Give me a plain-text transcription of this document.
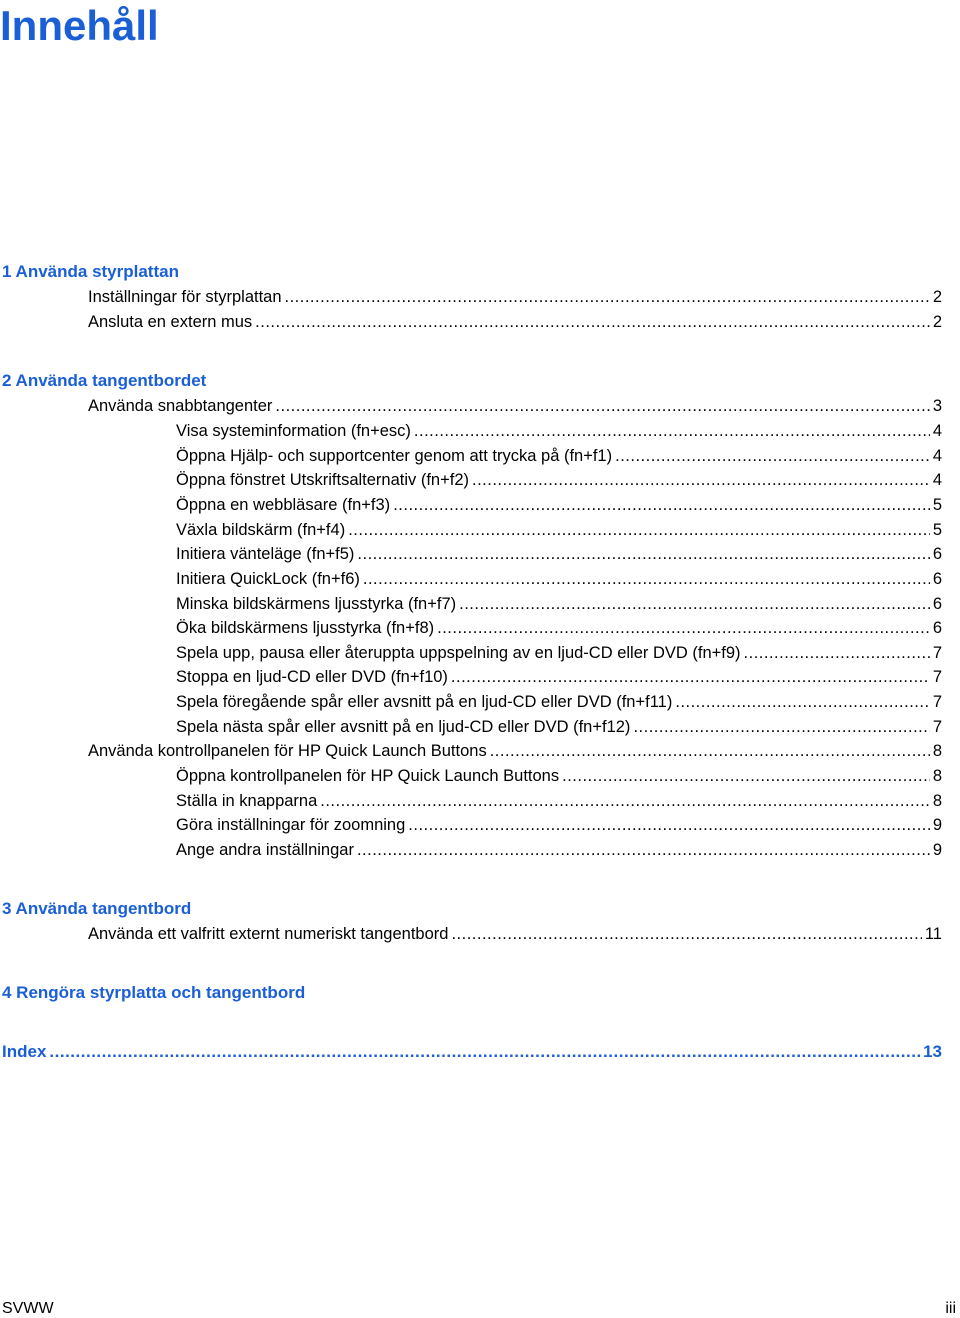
Innehåll
1 Använda styrplattan
Inställningar för styrplattan .....	2
Ansluta en extern mus .....	2
2 Använda tangentbordet
Använda snabbtangenter .....	3
Visa systeminformation (fn+esc) .....	4
Öppna Hjälp- och supportcenter genom att trycka på (fn+f1) .....	4
Öppna fönstret Utskriftsalternativ (fn+f2) .....	4
Öppna en webbläsare (fn+f3) .....	5
Växla bildskärm (fn+f4) .....	5
Initiera vänteläge (fn+f5) .....	6
Initiera QuickLock (fn+f6) .....	6
Minska bildskärmens ljusstyrka (fn+f7) .....	6
Öka bildskärmens ljusstyrka (fn+f8) .....	6
Spela upp, pausa eller återuppta uppspelning av en ljud-CD eller DVD (fn+f9) .....	7
Stoppa en ljud-CD eller DVD (fn+f10) .....	7
Spela föregående spår eller avsnitt på en ljud-CD eller DVD (fn+f11) .....	7
Spela nästa spår eller avsnitt på en ljud-CD eller DVD (fn+f12) .....	7
Använda kontrollpanelen för HP Quick Launch Buttons .....	8
Öppna kontrollpanelen för HP Quick Launch Buttons .....	8
Ställa in knapparna .....	8
Göra inställningar för zoomning .....	9
Ange andra inställningar .....	9
3 Använda tangentbord
Använda ett valfritt externt numeriskt tangentbord .....	11
4 Rengöra styrplatta och tangentbord
Index .....	13
SVWW	iii
